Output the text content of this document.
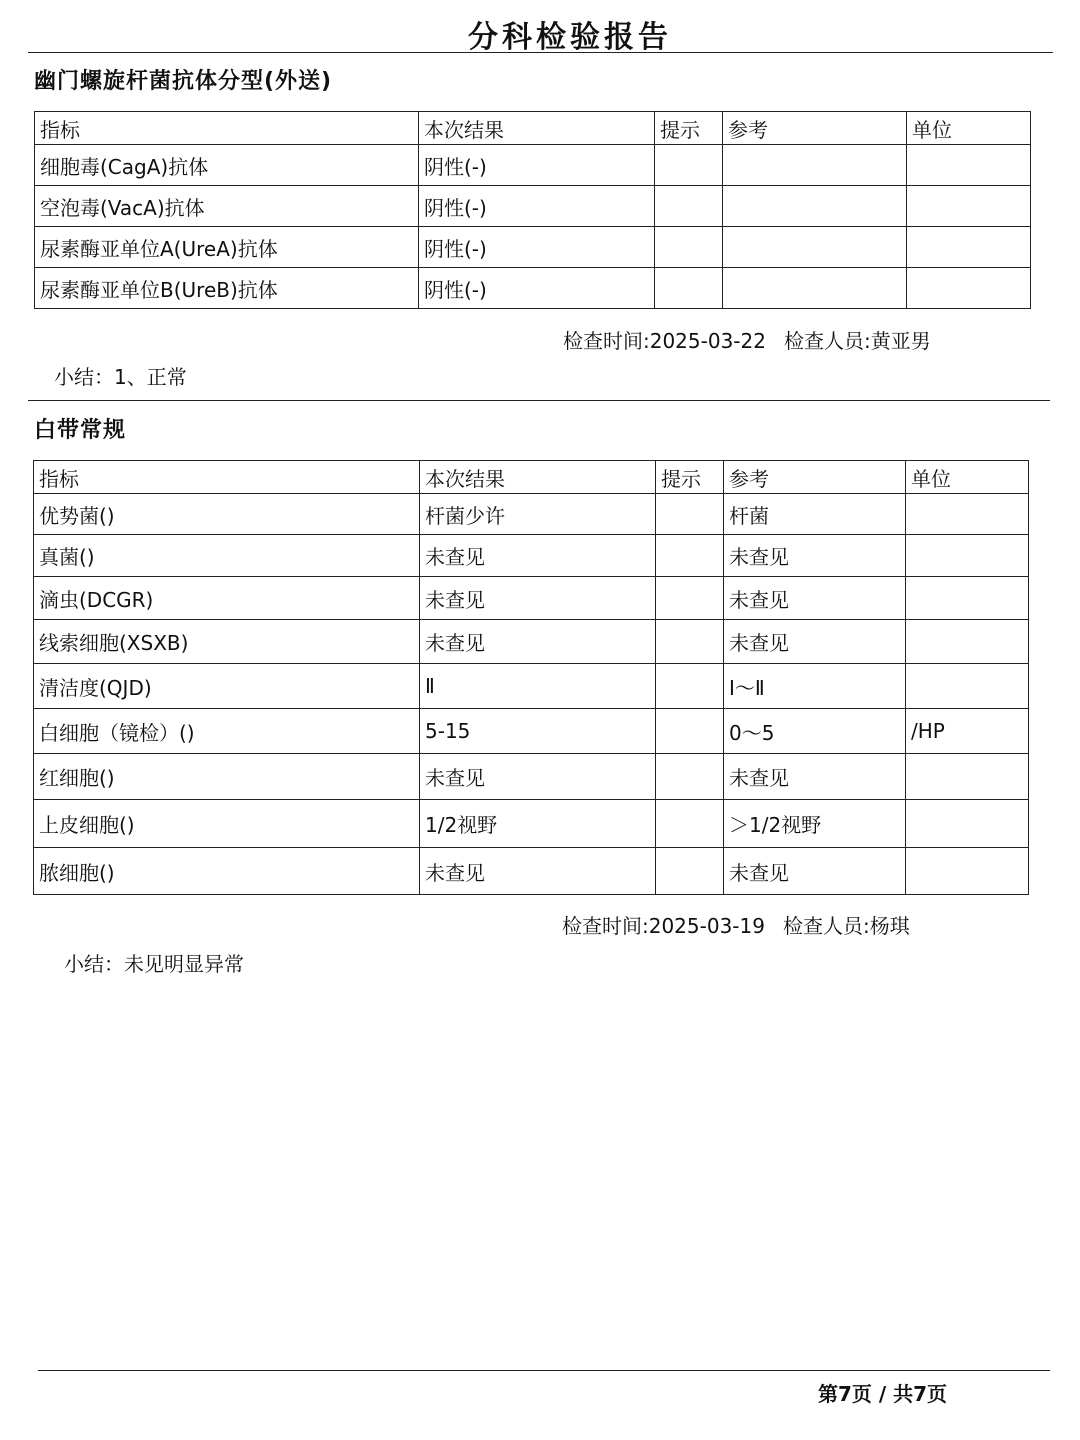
分科检验报告
幽门螺旋杆菌抗体分型(外送)
指标	本次结果	提示	参考	单位
细胞毒(CagA)抗体	阴性(-)			
空泡毒(VacA)抗体	阴性(-)			
尿素酶亚单位A(UreA)抗体	阴性(-)			
尿素酶亚单位B(UreB)抗体	阴性(-)			
检查时间:2025-03-22 检查人员:黄亚男
小结：1、正常
白带常规
指标	本次结果	提示	参考	单位
优势菌()	杆菌少许		杆菌	
真菌()	未查见		未查见	
滴虫(DCGR)	未查见		未查见	
线索细胞(XSXB)	未查见		未查见	
清洁度(QJD)	Ⅱ		Ⅰ～Ⅱ	
白细胞（镜检）()	5-15		0～5	/HP
红细胞()	未查见		未查见	
上皮细胞()	1/2视野		＞1/2视野	
脓细胞()	未查见		未查见	
检查时间:2025-03-19 检查人员:杨琪
小结：未见明显异常
第7页 / 共7页
